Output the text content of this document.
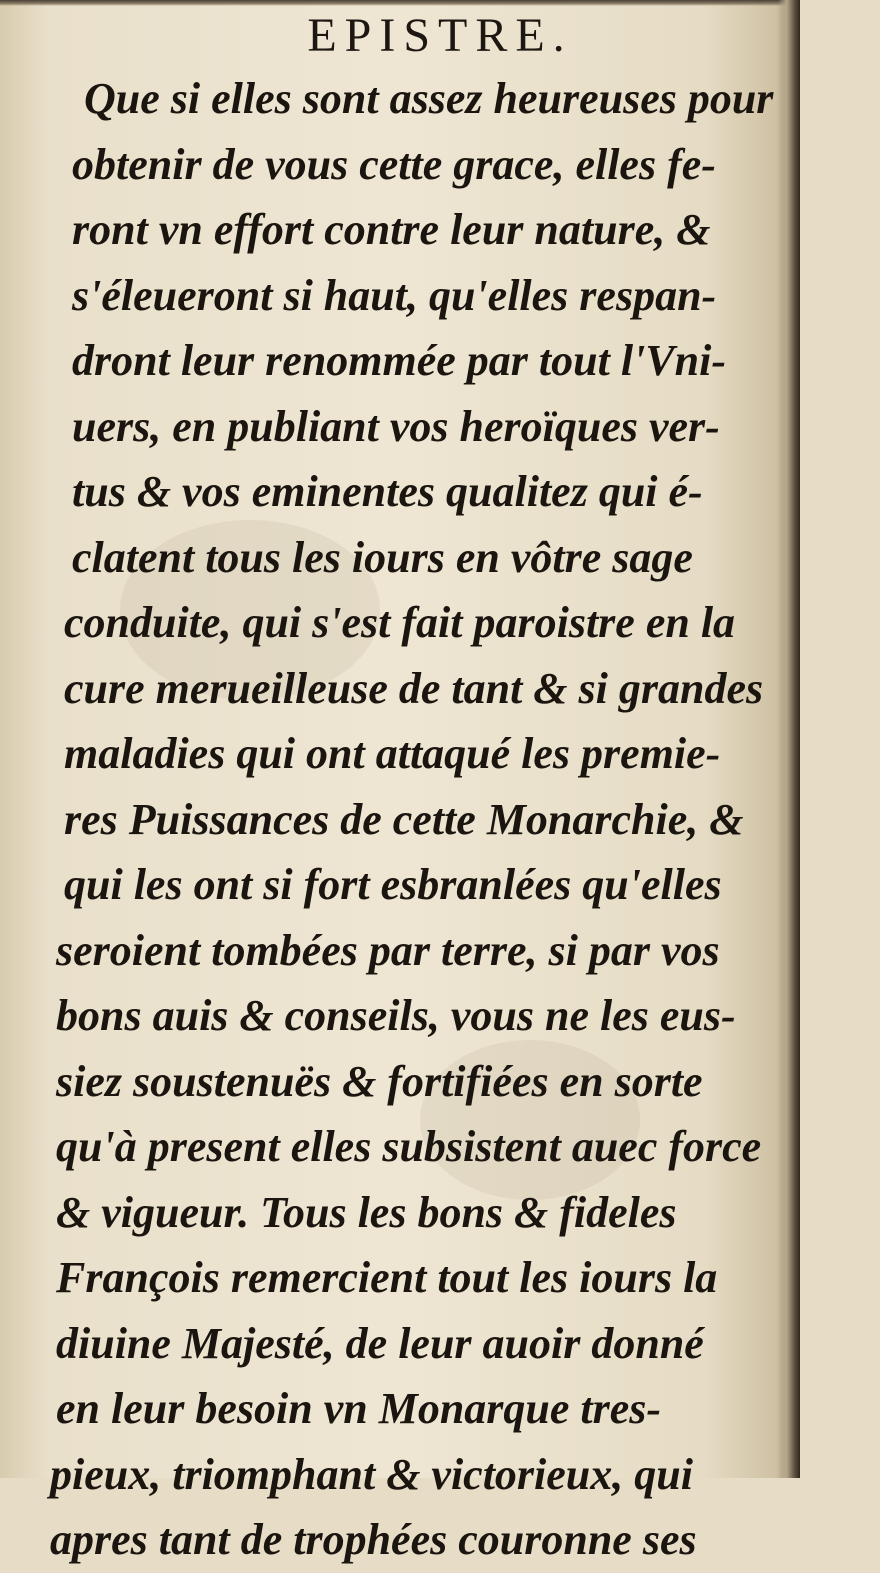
EPISTRE.
Que si elles sont assez heureuses pour
obtenir de vous cette grace, elles fe-
ront vn effort contre leur nature, &
s'éleueront si haut, qu'elles respan-
dront leur renommée par tout l'Vni-
uers, en publiant vos heroïques ver-
tus & vos eminentes qualitez qui é-
clatent tous les iours en vôtre sage
conduite, qui s'est fait paroistre en la
cure merueilleuse de tant & si grandes
maladies qui ont attaqué les premie-
res Puissances de cette Monarchie, &
qui les ont si fort esbranlées qu'elles
seroient tombées par terre, si par vos
bons auis & conseils, vous ne les eus-
siez soustenuës & fortifiées en sorte
qu'à present elles subsistent auec force
& vigueur. Tous les bons & fideles
François remercient tout les iours la
diuine Majesté, de leur auoir donné
en leur besoin vn Monarque tres-
pieux, triomphant & victorieux, qui
apres tant de trophées couronne ses
